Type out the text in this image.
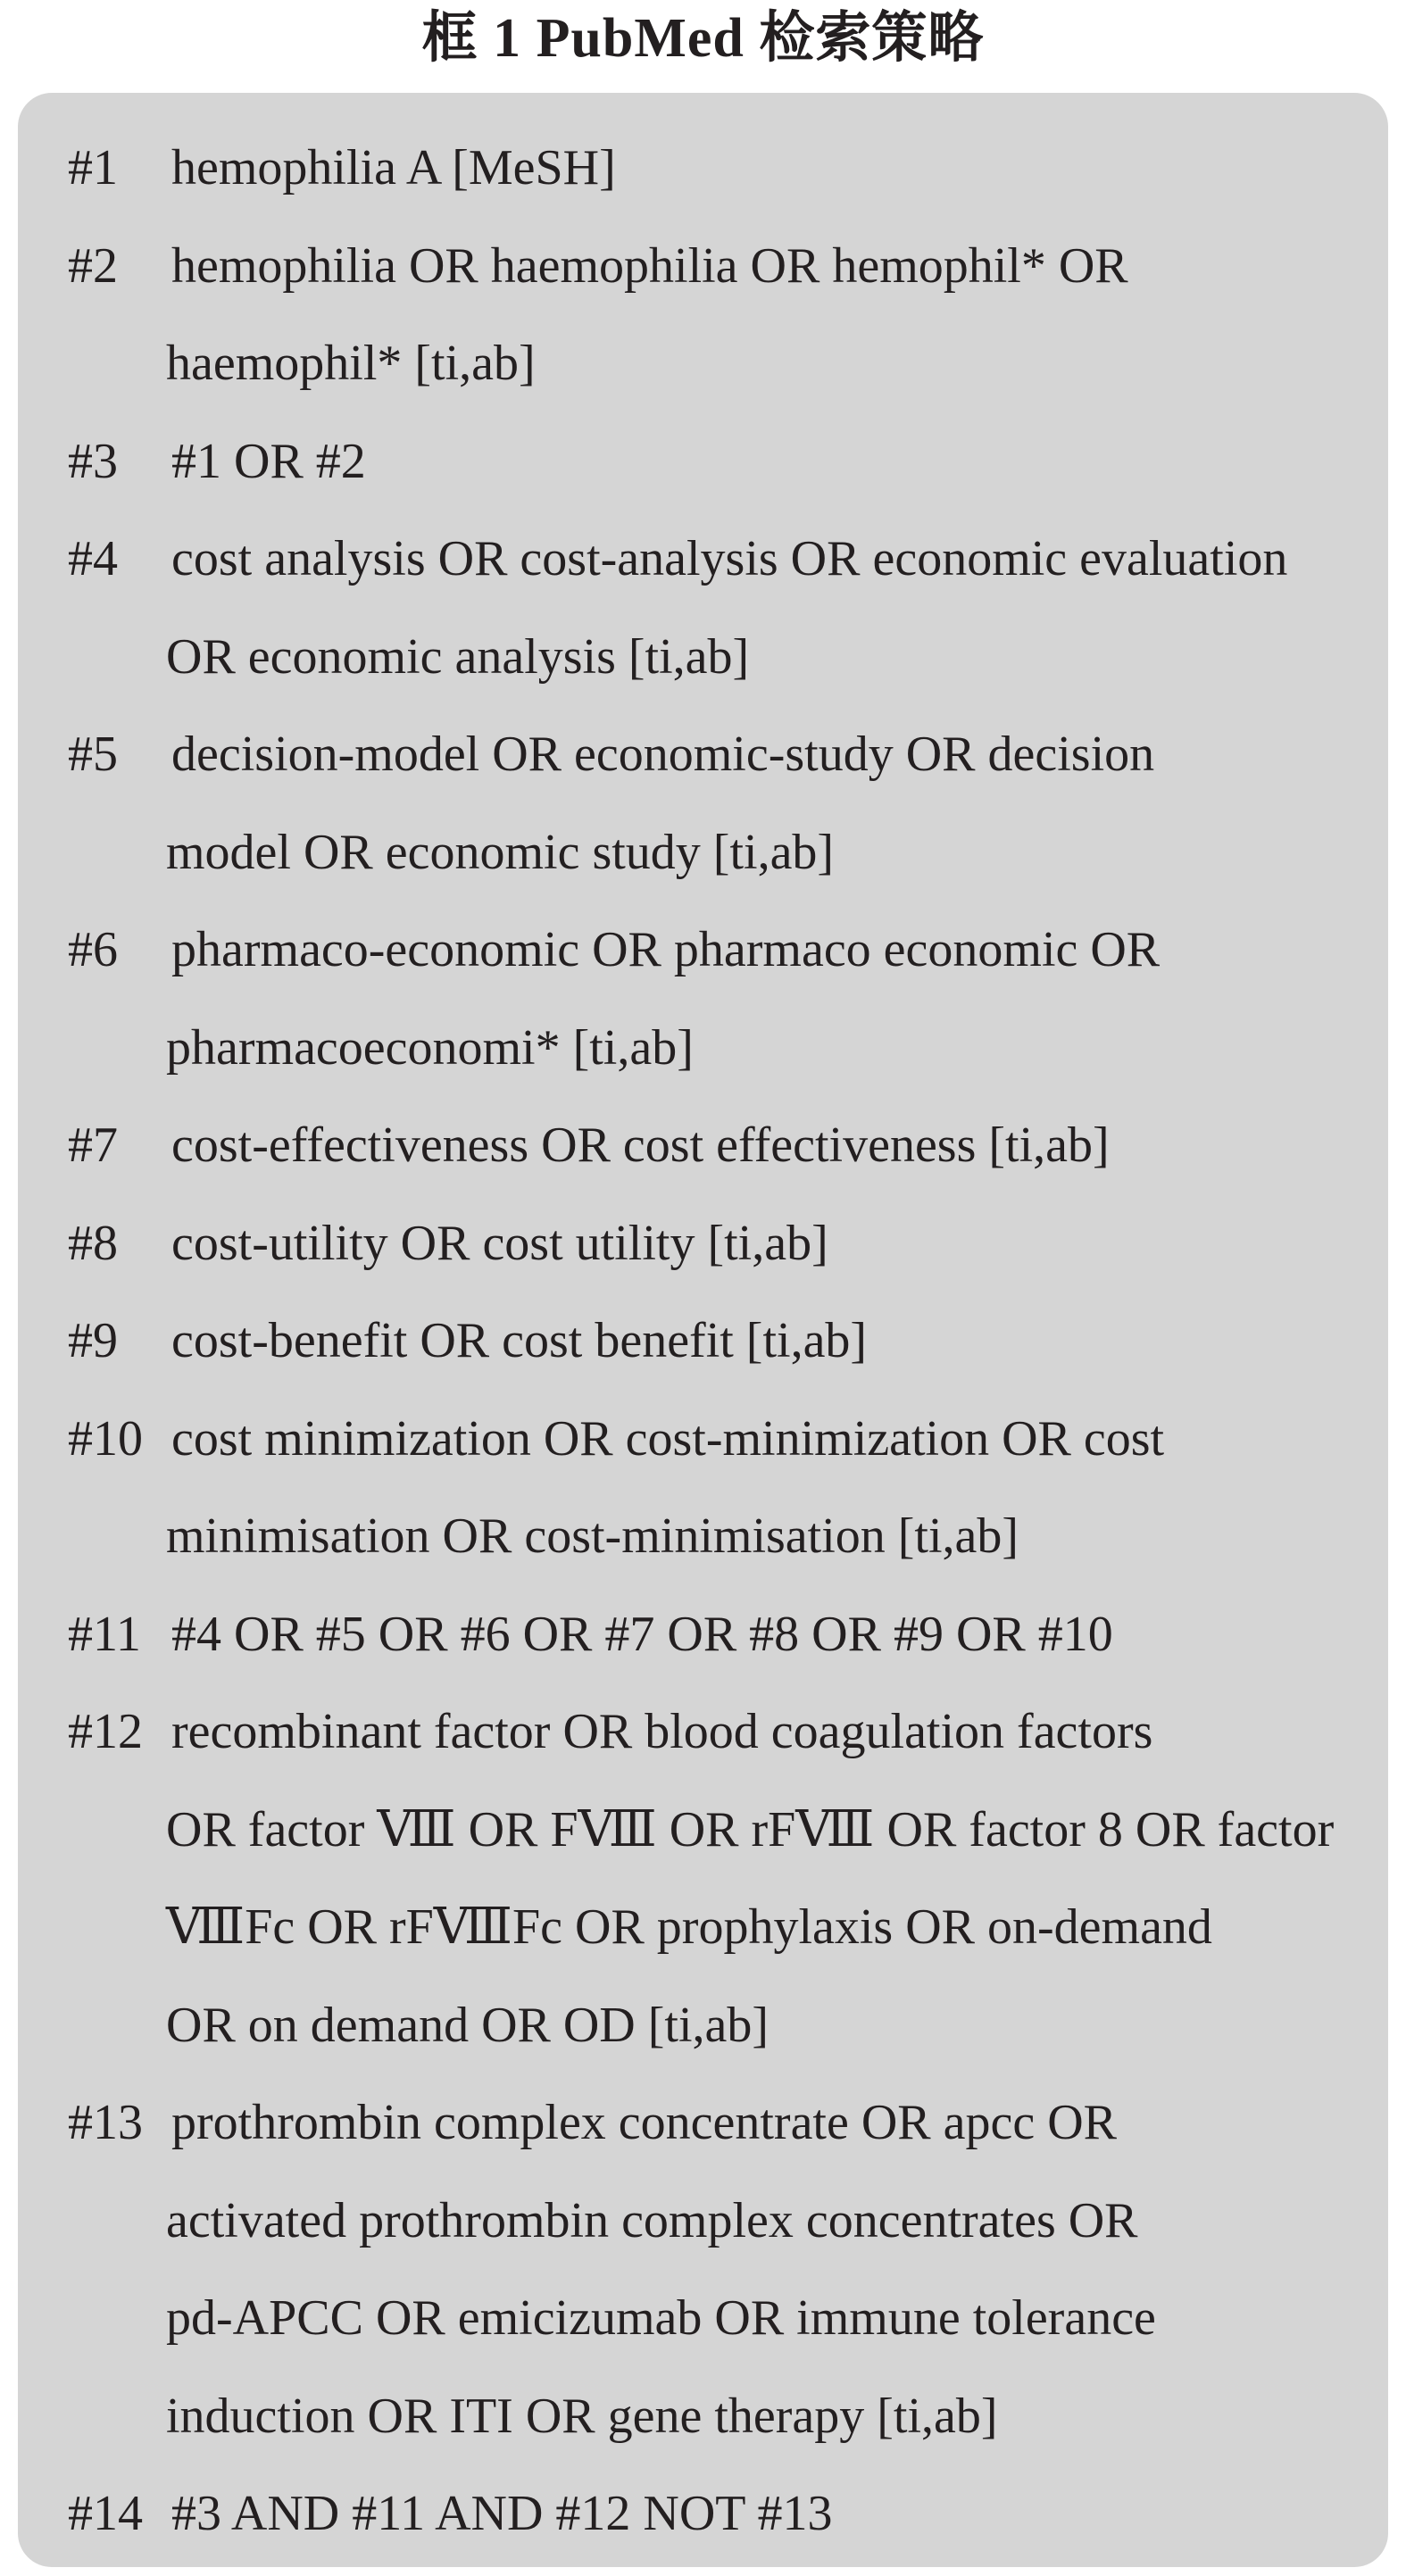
框 1 PubMed 检索策略
#1	hemophilia A [MeSH]
#2	hemophilia OR haemophilia OR hemophil* OR
haemophil* [ti,ab]
#3	#1 OR #2
#4	cost analysis OR cost-analysis OR economic evaluation
OR economic analysis [ti,ab]
#5	decision-model OR economic-study OR decision
model OR economic study [ti,ab]
#6	pharmaco-economic OR pharmaco economic OR
pharmacoeconomi* [ti,ab]
#7	cost-effectiveness OR cost effectiveness [ti,ab]
#8	cost-utility OR cost utility [ti,ab]
#9	cost-benefit OR cost benefit [ti,ab]
#10 cost minimization OR cost-minimization OR cost
minimisation OR cost-minimisation [ti,ab]
#11 #4 OR #5 OR #6 OR #7 OR #8 OR #9 OR #10
#12 recombinant factor OR blood coagulation factors
OR factor Ⅷ OR FⅧ OR rFⅧ OR factor 8 OR factor
ⅧFc OR rFⅧFc OR prophylaxis OR on-demand
OR on demand OR OD [ti,ab]
#13 prothrombin complex concentrate OR apcc OR
activated prothrombin complex concentrates OR
pd-APCC OR emicizumab OR immune tolerance
induction OR ITI OR gene therapy [ti,ab]
#14 #3 AND #11 AND #12 NOT #13
